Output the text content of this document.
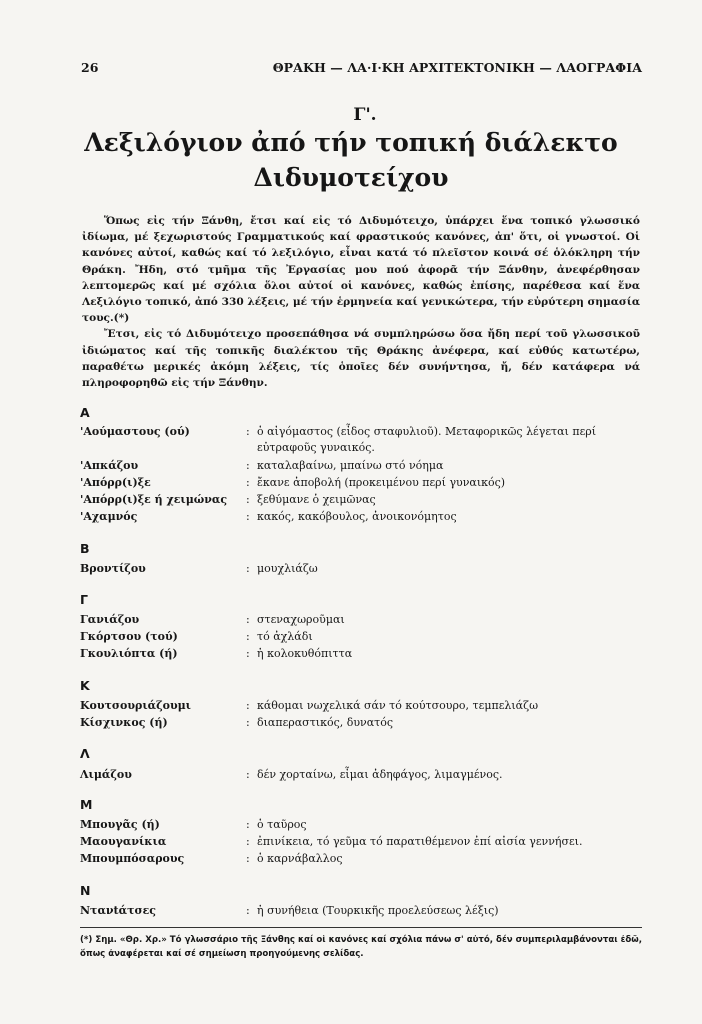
26	ΘΡΑΚΗ — ΛΑ·Ι·ΚΗ ΑΡΧΙΤΕΚΤΟΝΙΚΗ — ΛΑΟΓΡΑΦΙΑ
Γ'.
Λεξιλόγιον ἀπό τήν τοπική διάλεκτο
Διδυμοτείχου

Ὅπως εἰς τήν Ξάνθη, ἔτσι καί εἰς τό Διδυμότειχο, ὑπάρχει ἕνα τοπικό γλωσσικό ἰδίωμα, μέ ξεχωριστούς Γραμματικούς καί φραστικούς κανόνες, ἀπ' ὅτι, οἱ γνωστοί. Οἱ κανόνες αὐτοί, καθώς καί τό λεξιλόγιο, εἶναι κατά τό πλεῖστον κοινά σέ ὁλόκληρη τήν Θράκη. Ἤδη, στό τμῆμα τῆς Ἐργασίας μου πού ἀφορᾶ τήν Ξάνθην, ἀνεφέρθησαν λεπτομερῶς καί μέ σχόλια ὅλοι αὐτοί οἱ κανόνες, καθώς ἐπίσης, παρέθεσα καί ἕνα Λεξιλόγιο τοπικό, ἀπό 330 λέξεις, μέ τήν ἑρμηνεία καί γενικώτερα, τήν εὐρύτερη σημασία τους.(*)

Ἔτσι, εἰς τό Διδυμότειχο προσεπάθησα νά συμπληρώσω ὅσα ἤδη περί τοῦ γλωσσικοῦ ἰδιώματος καί τῆς τοπικῆς διαλέκτου τῆς Θράκης ἀνέφερα, καί εὐθύς κατωτέρω, παραθέτω μερικές ἀκόμη λέξεις, τίς ὁποῖες δέν συνήντησα, ἤ, δέν κατάφερα νά πληροφορηθῶ εἰς τήν Ξάνθην.

Α
'Αούμαστους (ού)	: ὁ αἰγόμαστος (εἶδος σταφυλιοῦ). Μεταφορικῶς λέγεται περί
εὐτραφοῦς γυναικός.
'Απκάζου	: καταλαβαίνω, μπαίνω στό νόημα
'Απόρρ(ι)ξε	: ἔκανε ἀποβολή (προκειμένου περί γυναικός)
'Απόρρ(ι)ξε ή χειμώνας : ξεθύμανε ὁ χειμῶνας
'Αχαμνός	: κακός, κακόβουλος, ἀνοικονόμητος
Β
Βροντίζου	: μουχλιάζω
Γ
Γανιάζου	: στεναχωροῦμαι
Γκόρτσου (τού)	: τό ἀχλάδι
Γκουλιόπτα (ή)	: ἡ κολοκυθόπιττα
Κ
Κουτσουριάζουμι	: κάθομαι νωχελικά σάν τό κούτσουρο, τεμπελιάζω
Κίσχινκος (ή)	: διαπεραστικός, δυνατός
Λ
Λιμάζου	: δέν χορταίνω, εἶμαι ἀδηφάγος, λιμαγμένος.
Μ
Μπουγᾶς (ή)	: ὁ ταῦρος
Μαουγανίκια	: ἐπινίκεια, τό γεῦμα τό παρατιθέμενον ἐπί αἰσία γεννήσει.
Μπουμπόσαρους	: ὁ καρνάβαλλος
Ν
Ντανtάτσες	: ἡ συνήθεια (Τουρκικῆς προελεύσεως λέξις)
(*) Σημ. «Θρ. Χρ.» Τό γλωσσάριο τῆς Ξάνθης καί οἱ κανόνες καί σχόλια πάνω σ' αὐτό, δέν συμπεριλαμβάνονται ἐδῶ, ὅπως ἀναφέρεται καί σέ σημείωση προηγούμενης σελίδας.
